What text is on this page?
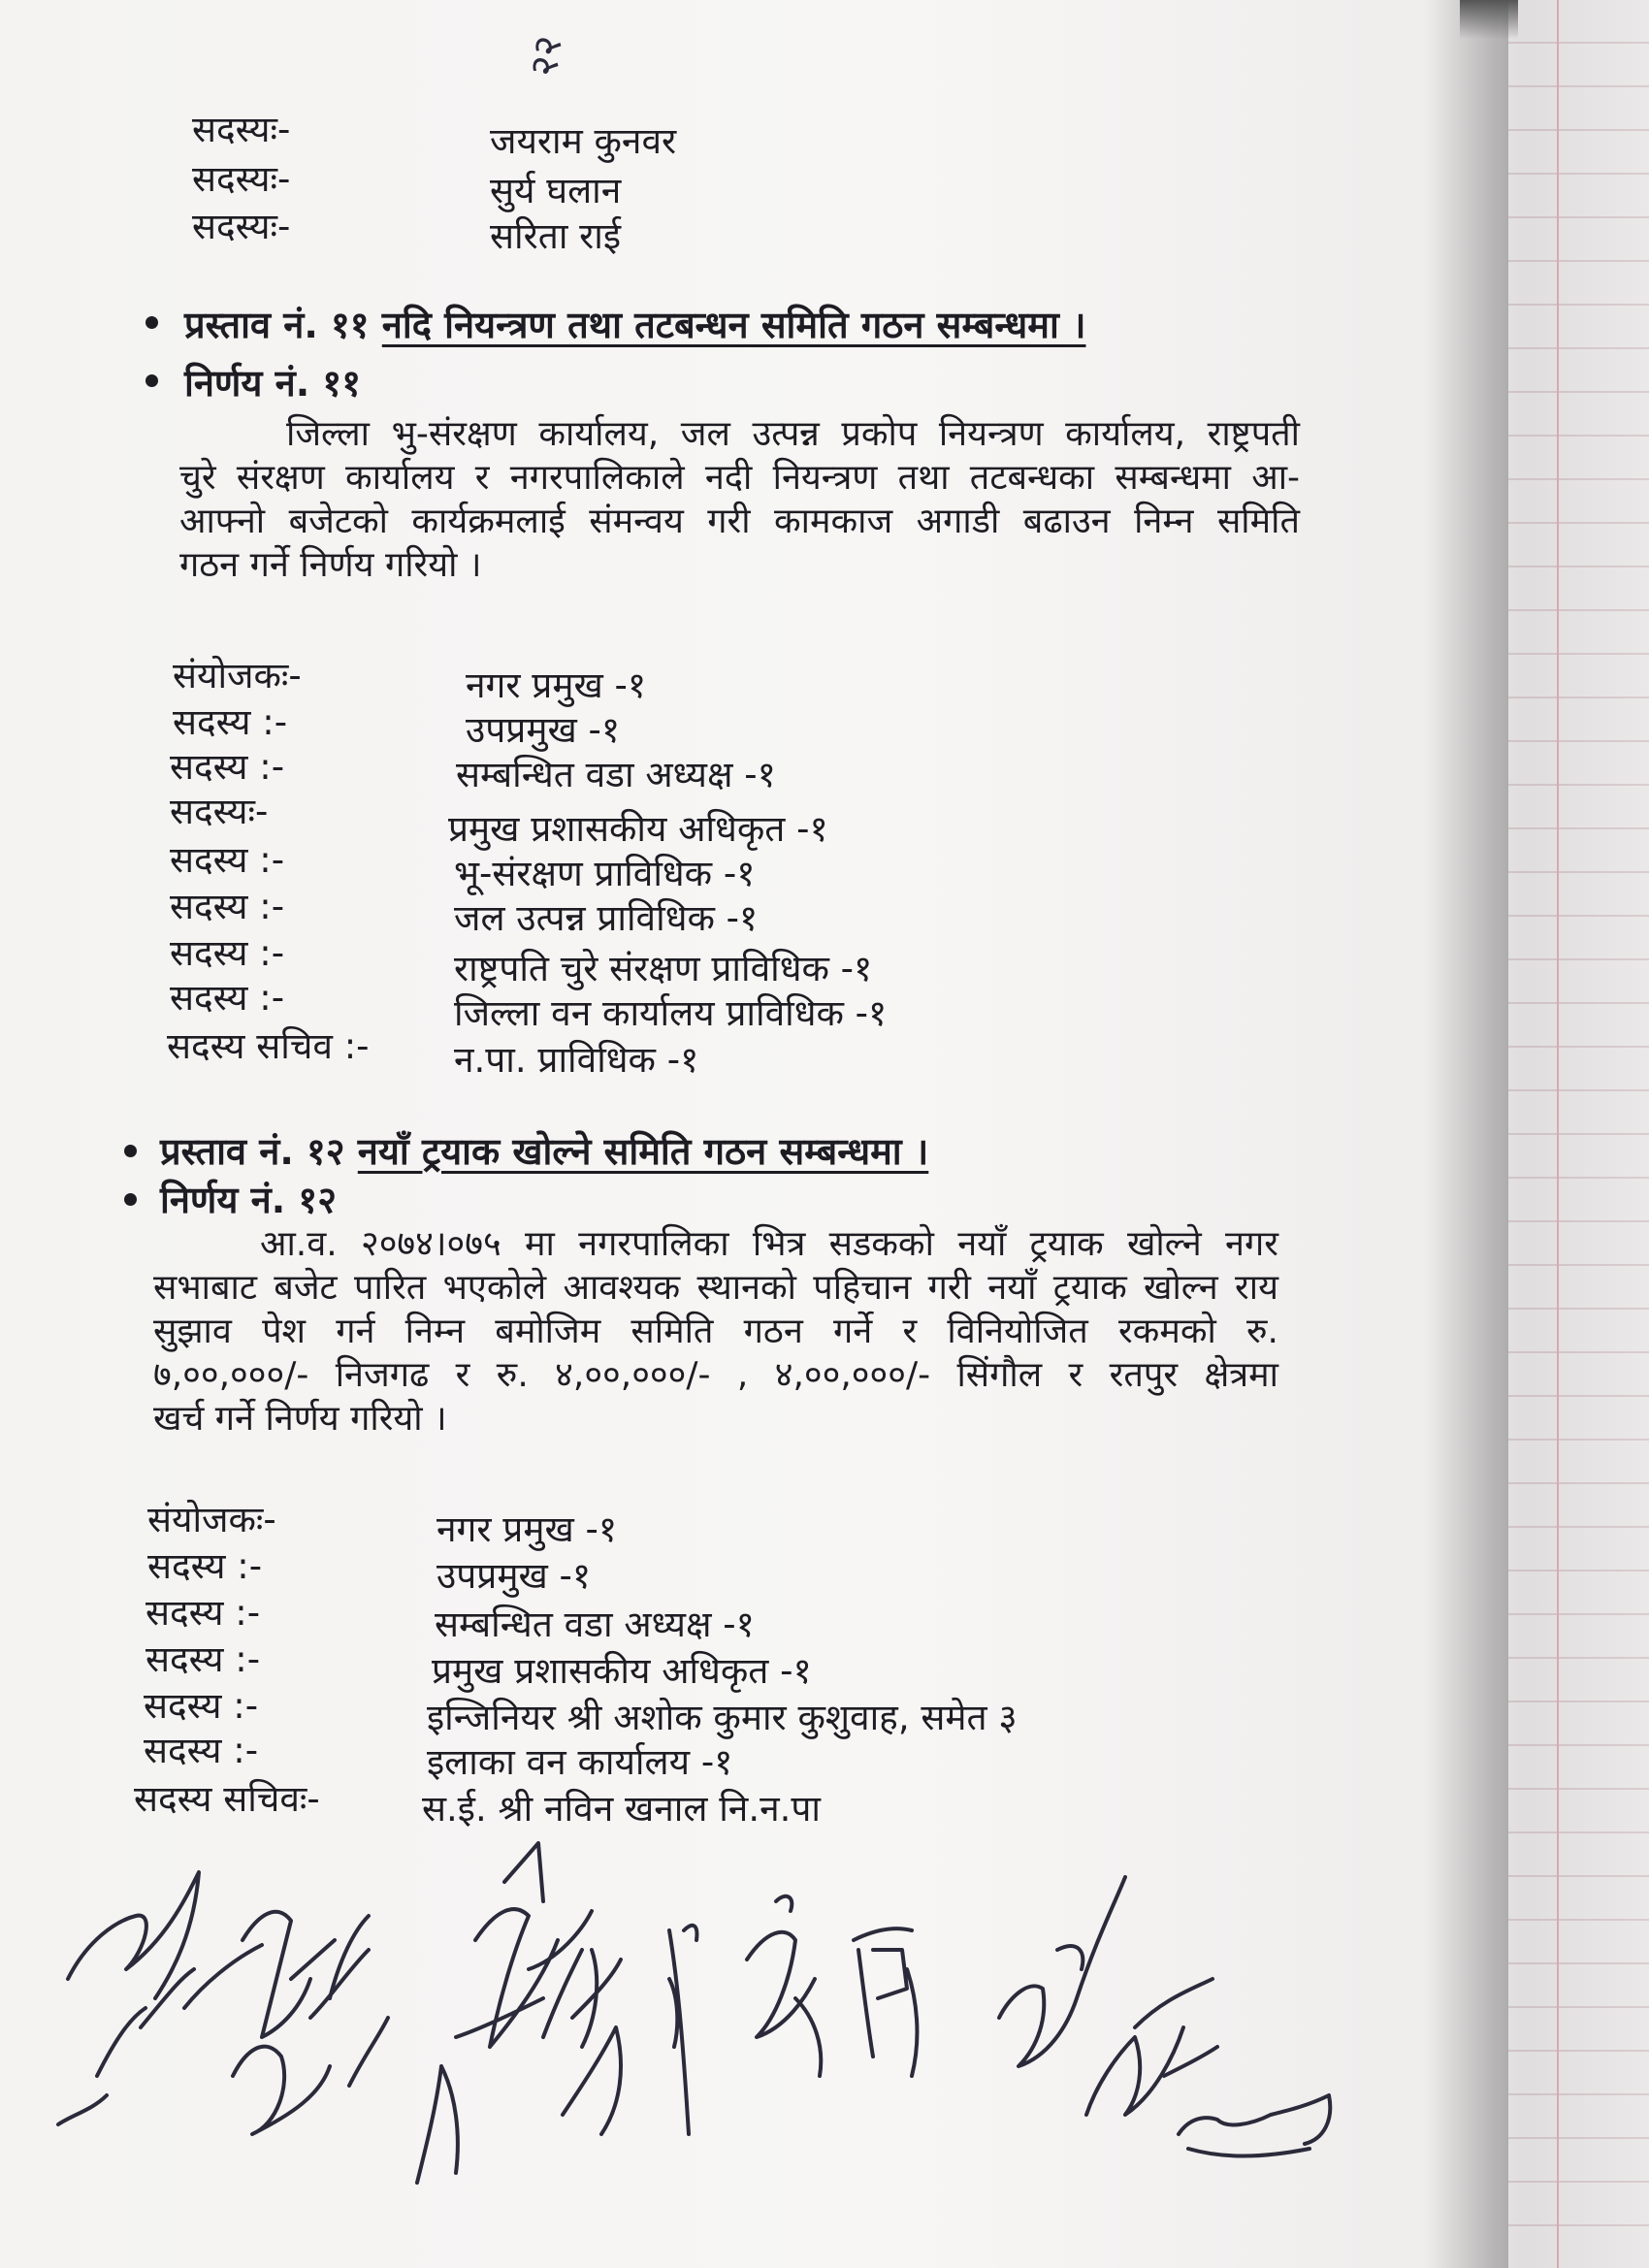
सदस्यः-	जयराम कुनवर
सदस्यः-	सुर्य घलान
सदस्यः-	सरिता राई
२२
प्रस्ताव नं. ११ नदि नियन्त्रण तथा तटबन्धन समिति गठन सम्बन्धमा ।
निर्णय नं. ११
जिल्ला भु-संरक्षण कार्यालय, जल उत्पन्न प्रकोप नियन्त्रण कार्यालय, राष्ट्रपती
चुरे संरक्षण कार्यालय र नगरपालिकाले नदी नियन्त्रण तथा तटबन्धका सम्बन्धमा आ-
आफ्नो बजेटको कार्यक्रमलाई संमन्वय गरी कामकाज अगाडी बढाउन निम्न समिति
गठन गर्ने निर्णय गरियो ।
संयोजकः-	नगर प्रमुख -१
सदस्य :-	उपप्रमुख -१
सदस्य :-	सम्बन्धित वडा अध्यक्ष -१
सदस्यः-	प्रमुख प्रशासकीय अधिकृत -१
सदस्य :-	भू-संरक्षण प्राविधिक -१
सदस्य :-	जल उत्पन्न प्राविधिक -१
सदस्य :-	राष्ट्रपति चुरे संरक्षण प्राविधिक -१
सदस्य :-	जिल्ला वन कार्यालय प्राविधिक -१
सदस्य सचिव :- न.पा. प्राविधिक -१
प्रस्ताव नं. १२ नयाँ ट्रयाक खोल्ने समिति गठन सम्बन्धमा ।
निर्णय नं. १२
आ.व. २०७४।०७५ मा नगरपालिका भित्र सडकको नयाँ ट्रयाक खोल्ने नगर
सभाबाट बजेट पारित भएकोले आवश्यक स्थानको पहिचान गरी नयाँ ट्रयाक खोल्न राय
सुझाव पेश गर्न निम्न बमोजिम समिति गठन गर्ने र विनियोजित रकमको रु.
७,००,०००/- निजगढ र रु. ४,००,०००/- , ४,००,०००/- सिंगौल र रतपुर क्षेत्रमा
खर्च गर्ने निर्णय गरियो ।
संयोजकः-	नगर प्रमुख -१
सदस्य :-	उपप्रमुख -१
सदस्य :-	सम्बन्धित वडा अध्यक्ष -१
सदस्य :-	प्रमुख प्रशासकीय अधिकृत -१
सदस्य :-	इन्जिनियर श्री अशोक कुमार कुशुवाह, समेत ३
सदस्य :-	इलाका वन कार्यालय -१
सदस्य सचिवः-	स.ई. श्री नविन खनाल नि.न.पा
